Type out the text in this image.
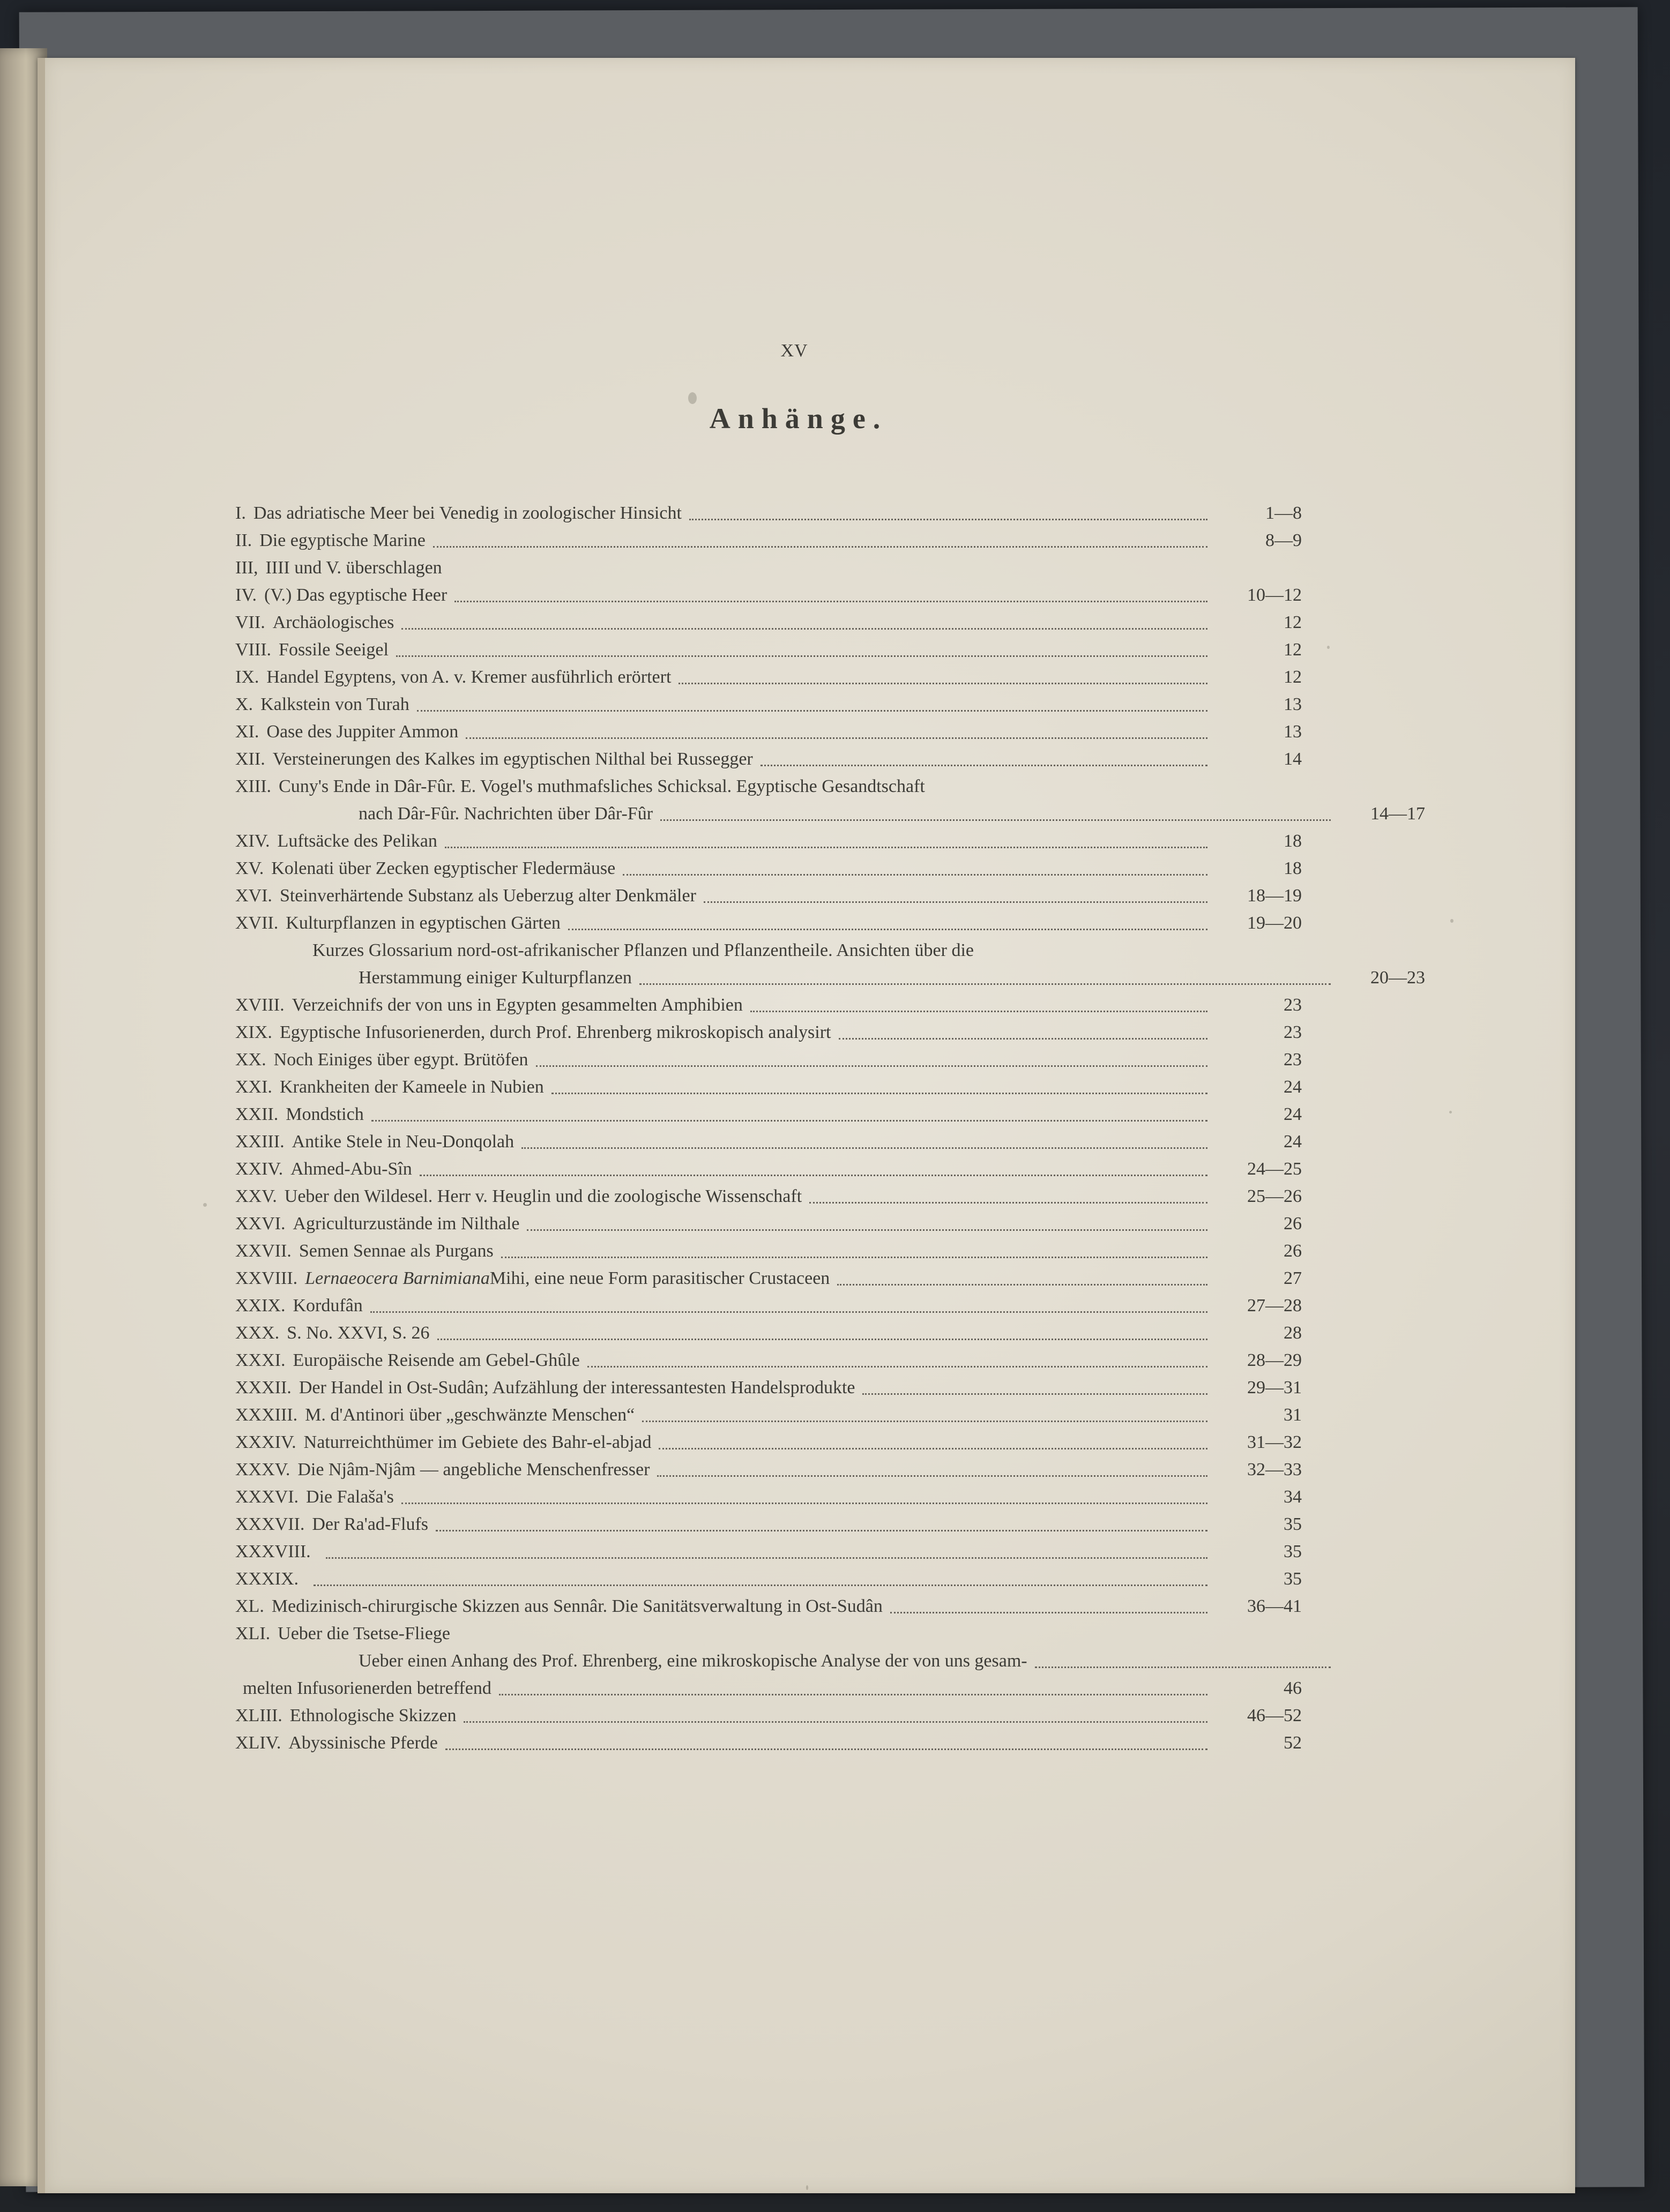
XV
Anhänge.
I. Das adriatische Meer bei Venedig in zoologischer Hinsicht	1—8
II. Die egyptische Marine	8—9
III, IIII und V. überschlagen
IV. (V.) Das egyptische Heer	10—12
VII. Archäologisches	12
VIII. Fossile Seeigel	12
IX. Handel Egyptens, von A. v. Kremer ausführlich erörtert	12
X. Kalkstein von Turah	13
XI. Oase des Juppiter Ammon	13
XII. Versteinerungen des Kalkes im egyptischen Nilthal bei Russegger	14
XIII. Cuny's Ende in Dâr-Fûr. E. Vogel's muthmafsliches Schicksal. Egyptische Gesandtschaft
nach Dâr-Fûr. Nachrichten über Dâr-Fûr	14—17
XIV. Luftsäcke des Pelikan	18
XV. Kolenati über Zecken egyptischer Fledermäuse	18
XVI. Steinverhärtende Substanz als Ueberzug alter Denkmäler	18—19
XVII. Kulturpflanzen in egyptischen Gärten	19—20
Kurzes Glossarium nord-ost-afrikanischer Pflanzen und Pflanzentheile. Ansichten über die
Herstammung einiger Kulturpflanzen	20—23
XVIII. Verzeichnifs der von uns in Egypten gesammelten Amphibien	23
XIX. Egyptische Infusorienerden, durch Prof. Ehrenberg mikroskopisch analysirt	23
XX. Noch Einiges über egypt. Brütöfen	23
XXI. Krankheiten der Kameele in Nubien	24
XXII. Mondstich	24
XXIII. Antike Stele in Neu-Donqolah	24
XXIV. Ahmed-Abu-Sîn	24—25
XXV. Ueber den Wildesel. Herr v. Heuglin und die zoologische Wissenschaft	25—26
XXVI. Agriculturzustände im Nilthale	26
XXVII. Semen Sennae als Purgans	26
XXVIII. Lernaeocera Barnimiana Mihi, eine neue Form parasitischer Crustaceen	27
XXIX. Kordufân	27—28
XXX. S. No. XXVI, S. 26	28
XXXI. Europäische Reisende am Gebel-Ghûle	28—29
XXXII. Der Handel in Ost-Sudân; Aufzählung der interessantesten Handelsprodukte	29—31
XXXIII. M. d'Antinori über „geschwänzte Menschen“	31
XXXIV. Naturreichthümer im Gebiete des Bahr-el-abjad	31—32
XXXV. Die Njâm-Njâm — angebliche Menschenfresser	32—33
XXXVI. Die Falaša's	34
XXXVII. Der Ra'ad-Flufs	35
XXXVIII.	35
XXXIX.	35
XL. Medizinisch-chirurgische Skizzen aus Sennâr. Die Sanitätsverwaltung in Ost-Sudân	36—41
XLI. Ueber die Tsetse-Fliege
Ueber einen Anhang des Prof. Ehrenberg, eine mikroskopische Analyse der von uns gesam-
melten Infusorienerden betreffend	46
XLIII. Ethnologische Skizzen	46—52
XLIV. Abyssinische Pferde	52
